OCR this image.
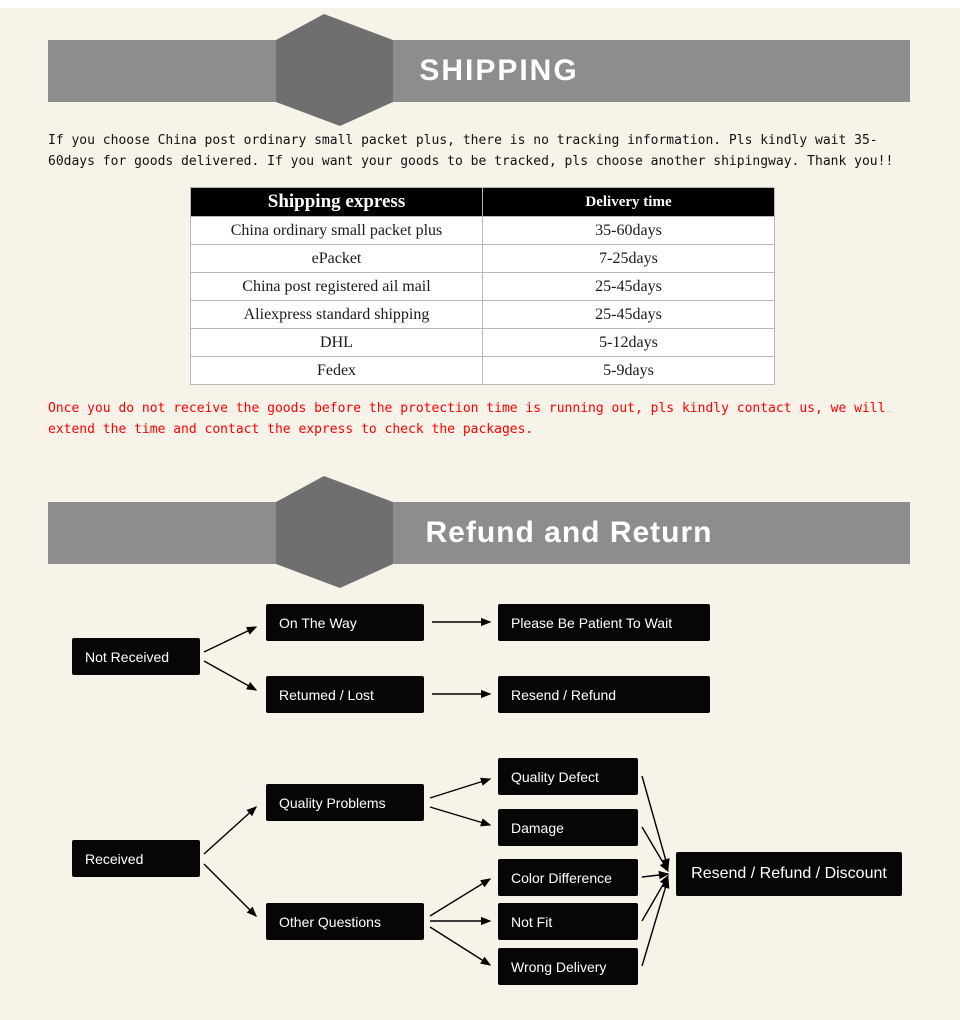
SHIPPING
If you choose China post ordinary small packet plus, there is no tracking information. Pls kindly wait 35-60days for goods delivered. If you want your goods to be tracked, pls choose another shipingway. Thank you!!
Shipping express	Delivery time
China ordinary small packet plus	35-60days
ePacket	7-25days
China post registered ail mail	25-45days
Aliexpress standard shipping	25-45days
DHL	5-12days
Fedex	5-9days
Once you do not receive the goods before the protection time is running out, pls kindly contact us, we will extend the time and contact the express to check the packages.
Refund and Return
Not Received
On The Way
Retumed / Lost
Please Be Patient To Wait
Resend / Refund
Received
Quality Problems
Other Questions
Quality Defect
Damage
Color Difference
Not Fit
Wrong Delivery
Resend / Refund / Discount
